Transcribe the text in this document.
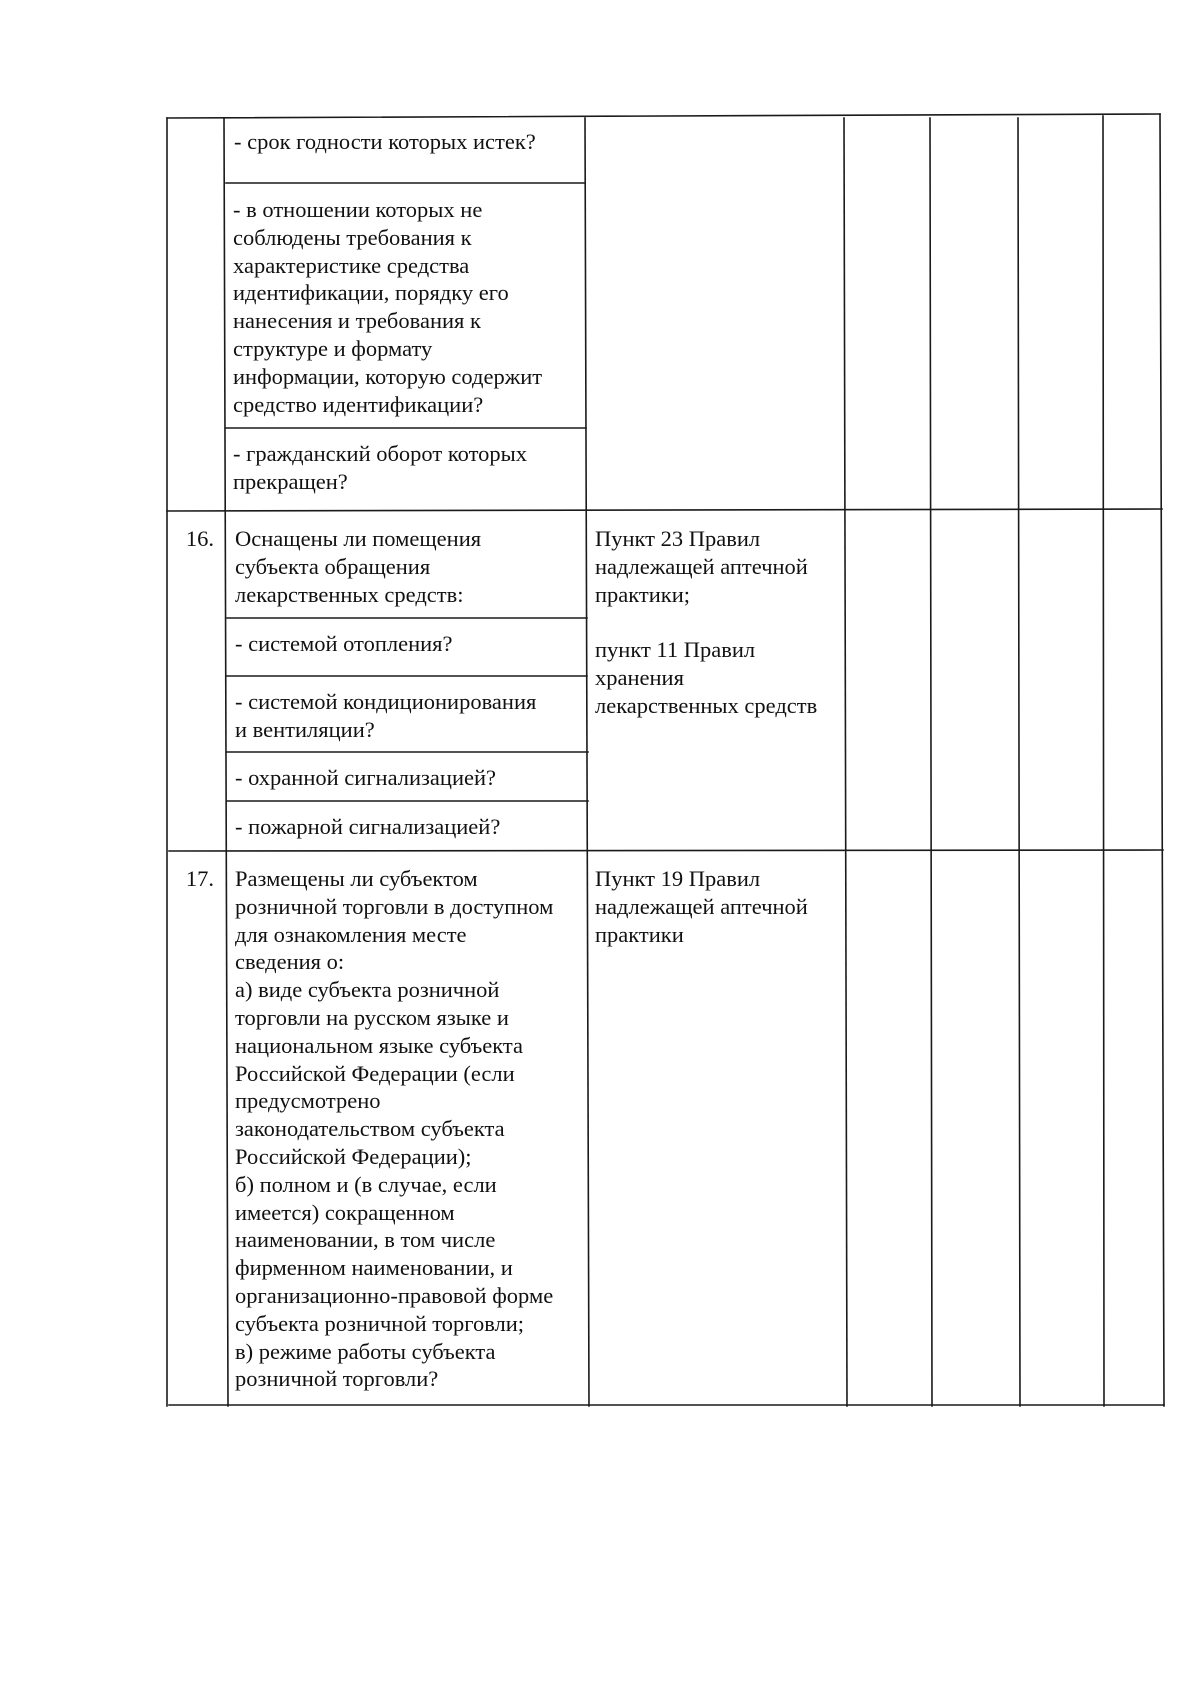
- срок годности которых истек?
- в отношении которых не
соблюдены требования к
характеристике средства
идентификации, порядку его
нанесения и требования к
структуре и формату
информации, которую содержит
средство идентификации?
- гражданский оборот которых
прекращен?
16. Оснащены ли помещения
субъекта обращения
лекарственных средств:
- системой отопления?
- системой кондиционирования
и вентиляции?
- охранной сигнализацией?
- пожарной сигнализацией?
Пункт 23 Правил
надлежащей аптечной
практики;

пункт 11 Правил
хранения
лекарственных средств
17. Размещены ли субъектом
розничной торговли в доступном
для ознакомления месте
сведения о:
а) виде субъекта розничной
торговли на русском языке и
национальном языке субъекта
Российской Федерации (если
предусмотрено
законодательством субъекта
Российской Федерации);
б) полном и (в случае, если
имеется) сокращенном
наименовании, в том числе
фирменном наименовании, и
организационно-правовой форме
субъекта розничной торговли;
в) режиме работы субъекта
розничной торговли?
Пункт 19 Правил
надлежащей аптечной
практики
